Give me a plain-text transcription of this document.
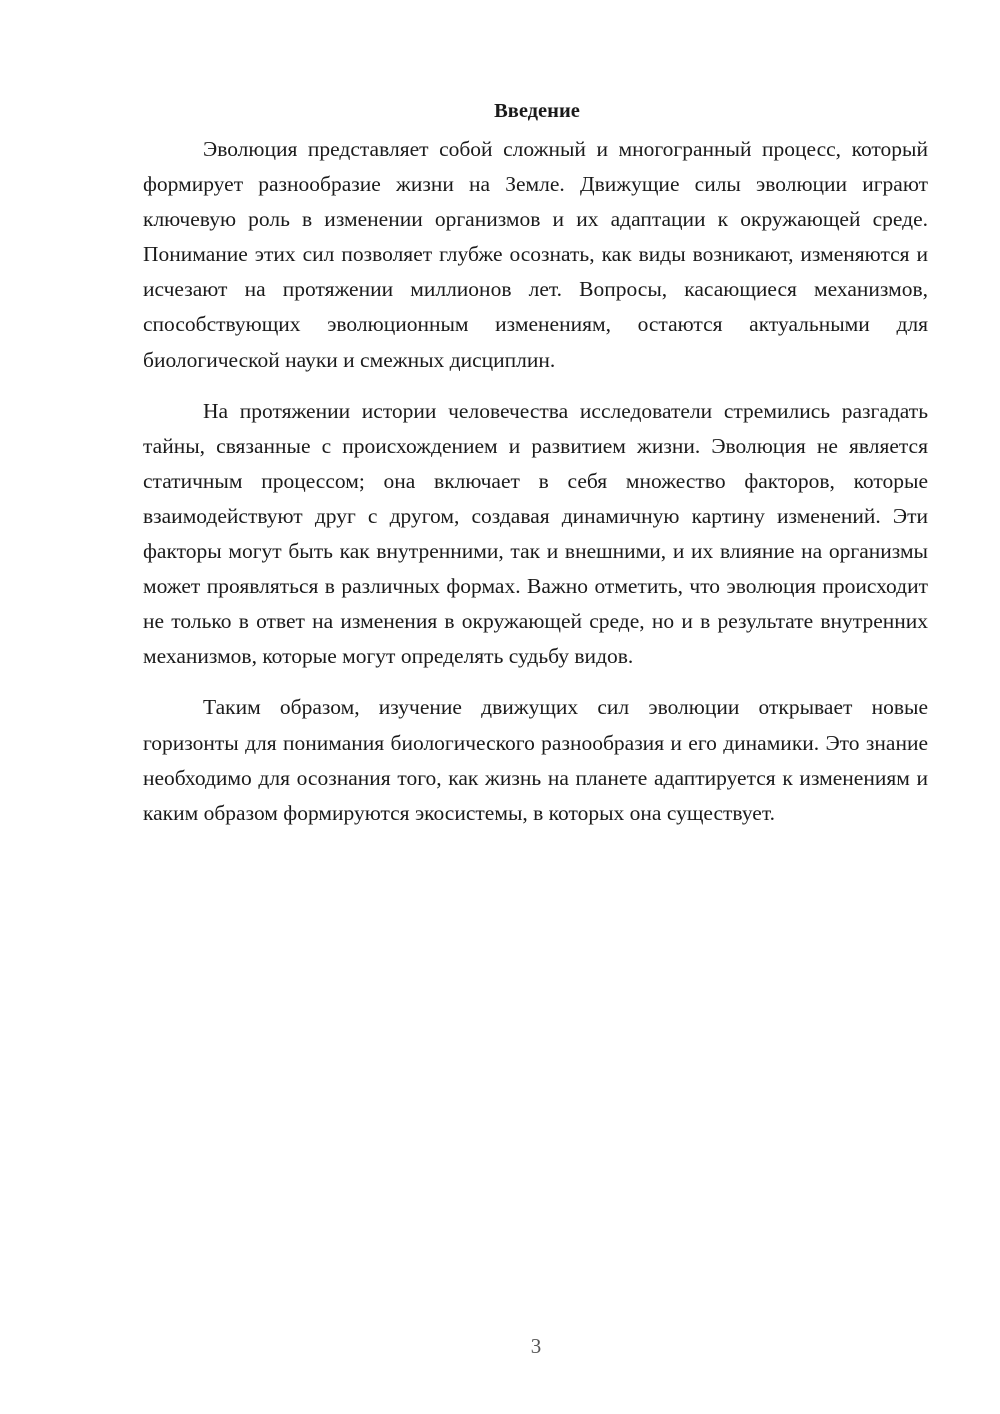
Введение

Эволюция представляет собой сложный и многогранный процесс, который формирует разнообразие жизни на Земле. Движущие силы эволюции играют ключевую роль в изменении организмов и их адаптации к окружающей среде. Понимание этих сил позволяет глубже осознать, как виды возникают, изменяются и исчезают на протяжении миллионов лет. Вопросы, касающиеся механизмов, способствующих эволюционным изменениям, остаются актуальными для биологической науки и смежных дисциплин.

На протяжении истории человечества исследователи стремились разгадать тайны, связанные с происхождением и развитием жизни. Эволюция не является статичным процессом; она включает в себя множество факторов, которые взаимодействуют друг с другом, создавая динамичную картину изменений. Эти факторы могут быть как внутренними, так и внешними, и их влияние на организмы может проявляться в различных формах. Важно отметить, что эволюция происходит не только в ответ на изменения в окружающей среде, но и в результате внутренних механизмов, которые могут определять судьбу видов.

Таким образом, изучение движущих сил эволюции открывает новые горизонты для понимания биологического разнообразия и его динамики. Это знание необходимо для осознания того, как жизнь на планете адаптируется к изменениям и каким образом формируются экосистемы, в которых она существует.

3
